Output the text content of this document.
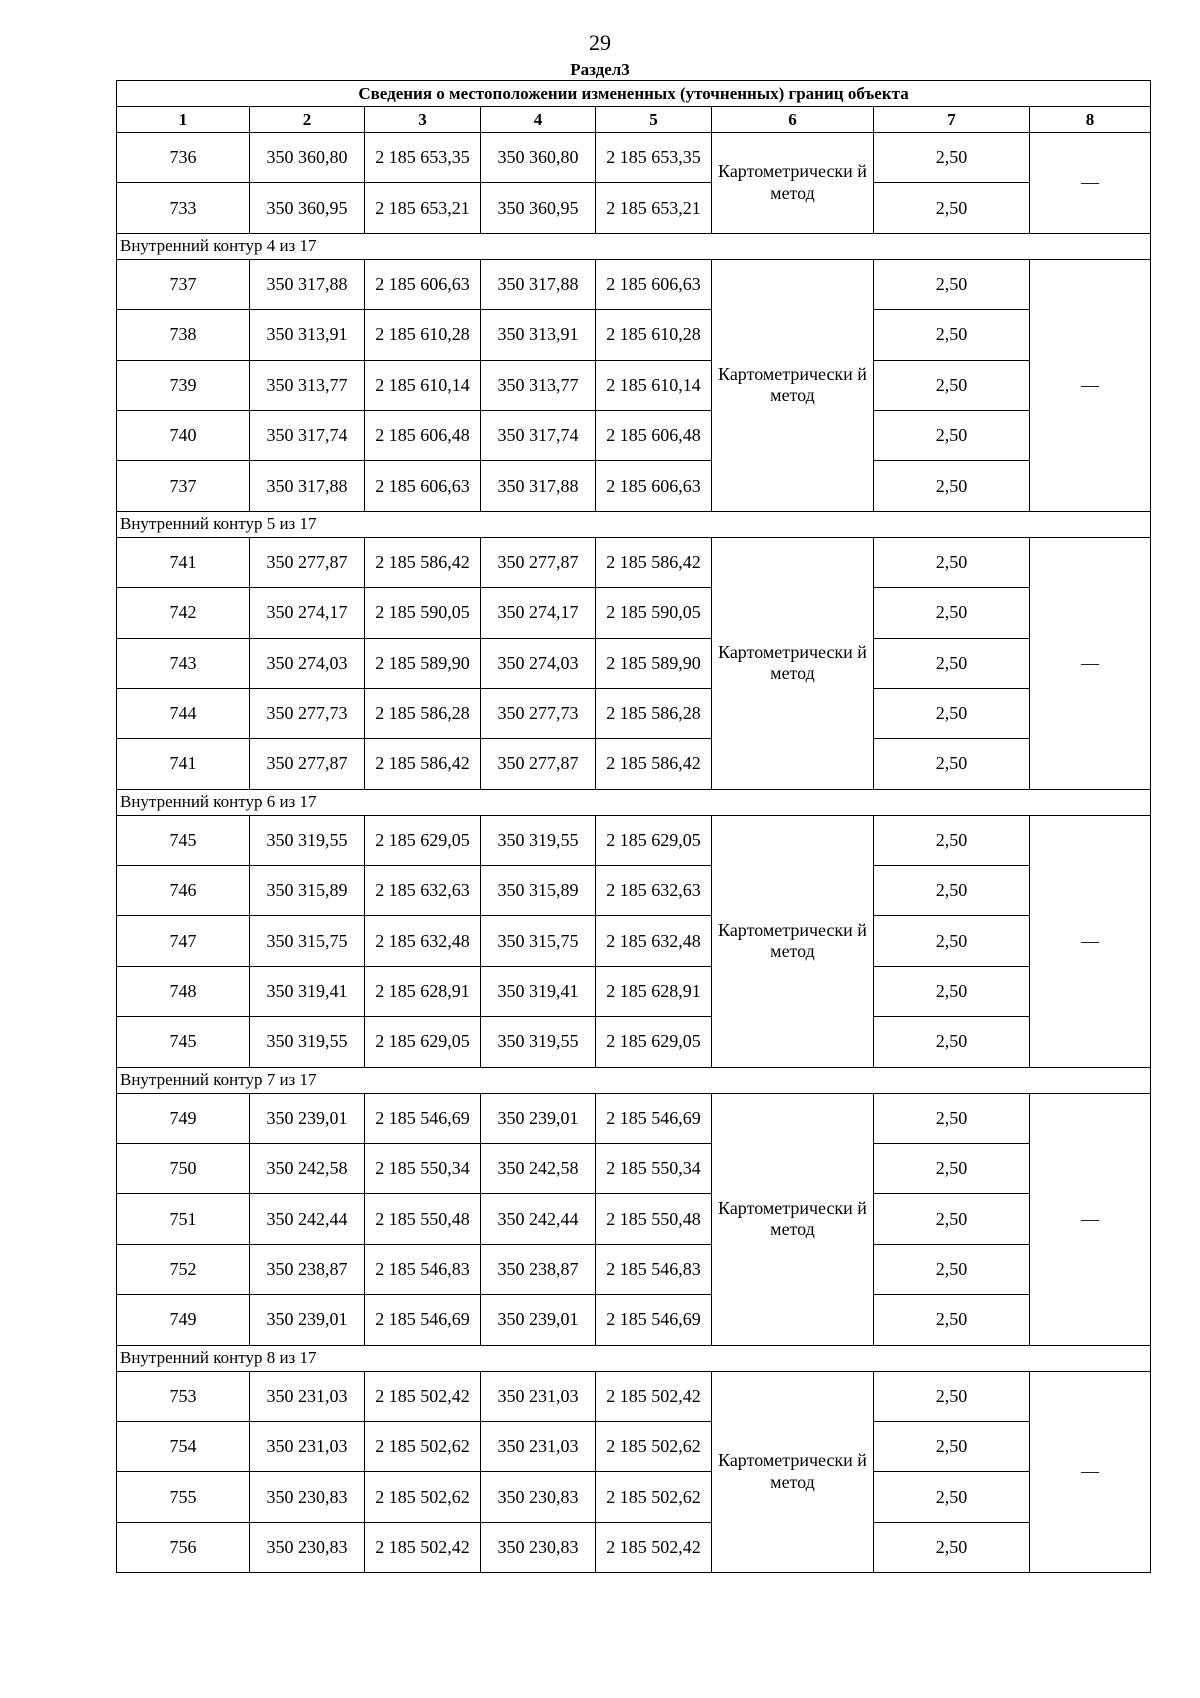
29
Раздел3
Сведения о местоположении измененных (уточненных) границ объекта							
1	2	3	4	5	6	7	8
736	350 360,80	2 185 653,35	350 360,80	2 185 653,35	Картометрически й метод	2,50	—
733	350 360,95	2 185 653,21	350 360,95	2 185 653,21		2,50	
Внутренний контур 4 из 17							
737	350 317,88	2 185 606,63	350 317,88	2 185 606,63	Картометрически й метод	2,50	—
738	350 313,91	2 185 610,28	350 313,91	2 185 610,28		2,50	
739	350 313,77	2 185 610,14	350 313,77	2 185 610,14		2,50	
740	350 317,74	2 185 606,48	350 317,74	2 185 606,48		2,50	
737	350 317,88	2 185 606,63	350 317,88	2 185 606,63		2,50	
Внутренний контур 5 из 17							
741	350 277,87	2 185 586,42	350 277,87	2 185 586,42	Картометрически й метод	2,50	—
742	350 274,17	2 185 590,05	350 274,17	2 185 590,05		2,50	
743	350 274,03	2 185 589,90	350 274,03	2 185 589,90		2,50	
744	350 277,73	2 185 586,28	350 277,73	2 185 586,28		2,50	
741	350 277,87	2 185 586,42	350 277,87	2 185 586,42		2,50	
Внутренний контур 6 из 17							
745	350 319,55	2 185 629,05	350 319,55	2 185 629,05	Картометрически й метод	2,50	—
746	350 315,89	2 185 632,63	350 315,89	2 185 632,63		2,50	
747	350 315,75	2 185 632,48	350 315,75	2 185 632,48		2,50	
748	350 319,41	2 185 628,91	350 319,41	2 185 628,91		2,50	
745	350 319,55	2 185 629,05	350 319,55	2 185 629,05		2,50	
Внутренний контур 7 из 17							
749	350 239,01	2 185 546,69	350 239,01	2 185 546,69	Картометрически й метод	2,50	—
750	350 242,58	2 185 550,34	350 242,58	2 185 550,34		2,50	
751	350 242,44	2 185 550,48	350 242,44	2 185 550,48		2,50	
752	350 238,87	2 185 546,83	350 238,87	2 185 546,83		2,50	
749	350 239,01	2 185 546,69	350 239,01	2 185 546,69		2,50	
Внутренний контур 8 из 17							
753	350 231,03	2 185 502,42	350 231,03	2 185 502,42	Картометрически й метод	2,50	—
754	350 231,03	2 185 502,62	350 231,03	2 185 502,62		2,50	
755	350 230,83	2 185 502,62	350 230,83	2 185 502,62		2,50	
756	350 230,83	2 185 502,42	350 230,83	2 185 502,42		2,50	
